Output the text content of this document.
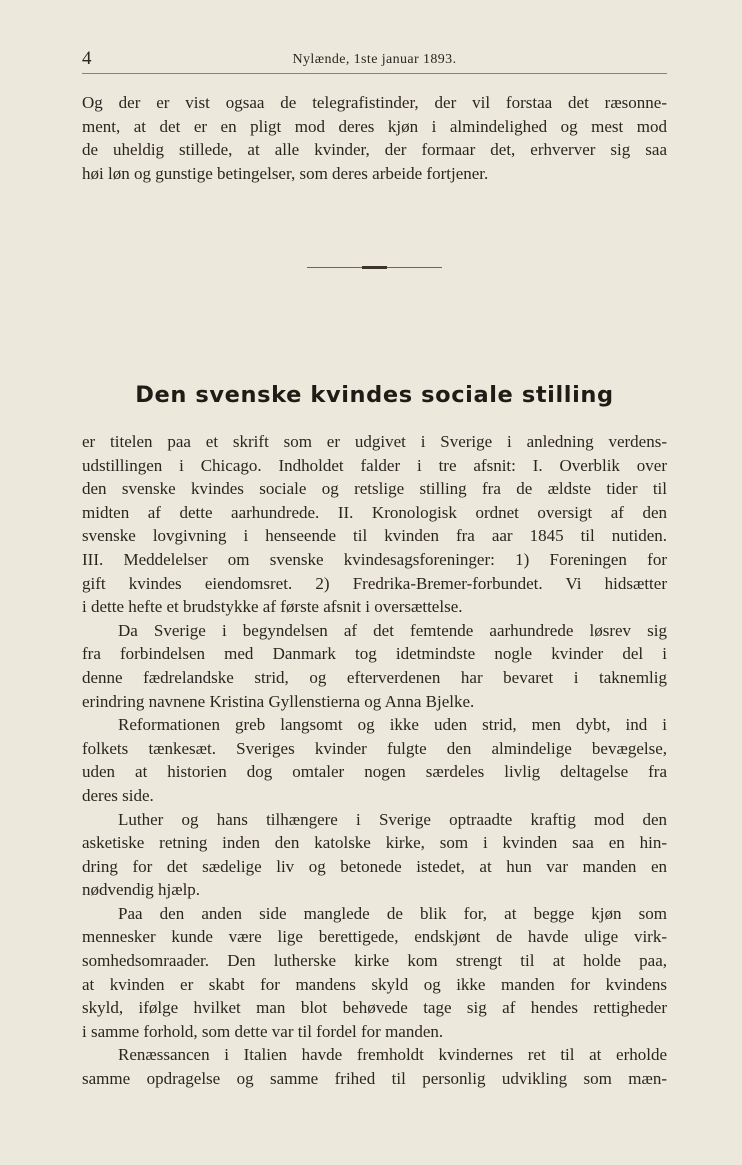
4	Nylænde, 1ste januar 1893.
Og der er vist ogsaa de telegrafistinder, der vil forstaa det ræsonne-
ment, at det er en pligt mod deres kjøn i almindelighed og mest mod
de uheldig stillede, at alle kvinder, der formaar det, erhverver sig saa
høi løn og gunstige betingelser, som deres arbeide fortjener.
Den svenske kvindes sociale stilling
er titelen paa et skrift som er udgivet i Sverige i anledning verdens-
udstillingen i Chicago. Indholdet falder i tre afsnit: I. Overblik over
den svenske kvindes sociale og retslige stilling fra de ældste tider til
midten af dette aarhundrede. II. Kronologisk ordnet oversigt af den
svenske lovgivning i henseende til kvinden fra aar 1845 til nutiden.
III. Meddelelser om svenske kvindesagsforeninger: 1) Foreningen for
gift kvindes eiendomsret. 2) Fredrika-Bremer-forbundet. Vi hidsætter
i dette hefte et brudstykke af første afsnit i oversættelse.
Da Sverige i begyndelsen af det femtende aarhundrede løsrev sig
fra forbindelsen med Danmark tog idetmindste nogle kvinder del i
denne fædrelandske strid, og efterverdenen har bevaret i taknemlig
erindring navnene Kristina Gyllenstierna og Anna Bjelke.
Reformationen greb langsomt og ikke uden strid, men dybt, ind i
folkets tænkesæt. Sveriges kvinder fulgte den almindelige bevægelse,
uden at historien dog omtaler nogen særdeles livlig deltagelse fra
deres side.
Luther og hans tilhængere i Sverige optraadte kraftig mod den
asketiske retning inden den katolske kirke, som i kvinden saa en hin-
dring for det sædelige liv og betonede istedet, at hun var manden en
nødvendig hjælp.
Paa den anden side manglede de blik for, at begge kjøn som
mennesker kunde være lige berettigede, endskjønt de havde ulige virk-
somhedsomraader. Den lutherske kirke kom strengt til at holde paa,
at kvinden er skabt for mandens skyld og ikke manden for kvindens
skyld, ifølge hvilket man blot behøvede tage sig af hendes rettigheder
i samme forhold, som dette var til fordel for manden.
Renæssancen i Italien havde fremholdt kvindernes ret til at erholde
samme opdragelse og samme frihed til personlig udvikling som mæn-
